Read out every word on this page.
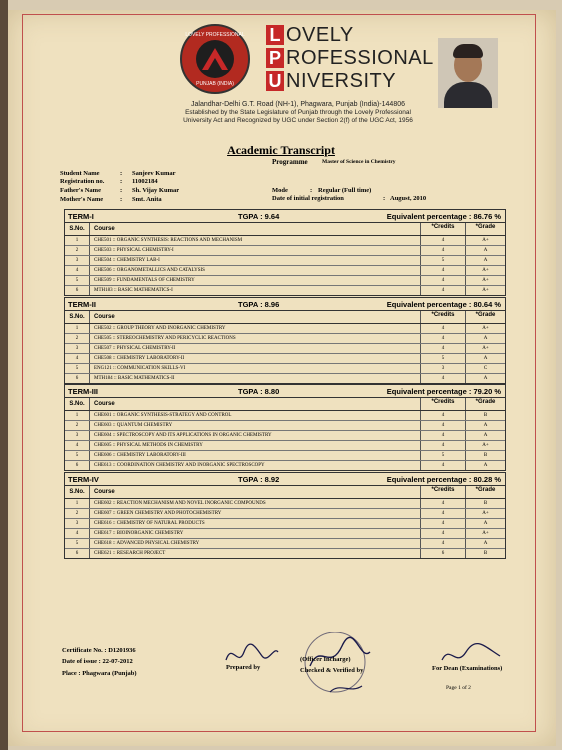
LOVELY PROFESSIONAL
PUNJAB (INDIA)
L OVELY
P ROFESSIONAL
U NIVERSITY
Jalandhar-Delhi G.T. Road (NH-1), Phagwara, Punjab (India)-144806
Established by the State Legislature of Punjab through the Lovely Professional University Act and Recognized by UGC under Section 2(f) of the UGC Act, 1956
Academic Transcript
Programme	Master of Science in Chemistry
Student Name	: Sanjeev Kumar
Registration no. : 11002184
Father's Name	: Sh. Vijay Kumar
Mother's Name	: Smt. Anita
Mode	: Regular (Full time)
Date of initial registration	: August, 2010
TERM-I	TGPA : 9.64	Equivalent percentage : 86.76 %
S.No.	Course	*Credits	*Grade
1	CHE501 :: ORGANIC SYNTHESIS: REACTIONS AND MECHANISM	4	A+
2	CHE503 :: PHYSICAL CHEMISTRY-I	4	A
3	CHE504 :: CHEMISTRY LAB-I	5	A
4	CHE506 :: ORGANOMETALLICS AND CATALYSIS	4	A+
5	CHE509 :: FUNDAMENTALS OF CHEMISTRY	4	A+
6	MTH183 :: BASIC MATHEMATICS-I	4	A+
TERM-II	TGPA : 8.96	Equivalent percentage : 80.64 %
S.No.	Course	*Credits	*Grade
1	CHE502 :: GROUP THEORY AND INORGANIC CHEMISTRY	4	A+
2	CHE505 :: STEREOCHEMISTRY AND PERICYCLIC REACTIONS	4	A
3	CHE507 :: PHYSICAL CHEMISTRY-II	4	A+
4	CHE508 :: CHEMISTRY LABORATORY-II	5	A
5	ENG121 :: COMMUNICATION SKILLS-VI	3	C
6	MTH184 :: BASIC MATHEMATICS-II	4	A
TERM-III	TGPA : 8.80	Equivalent percentage : 79.20 %
S.No.	Course	*Credits	*Grade
1	CHE601 :: ORGANIC SYNTHESIS-STRATEGY AND CONTROL	4	B
2	CHE603 :: QUANTUM CHEMISTRY	4	A
3	CHE604 :: SPECTROSCOPY AND ITS APPLICATIONS IN ORGANIC CHEMISTRY	4	A
4	CHE605 :: PHYSICAL METHODS IN CHEMISTRY	4	A+
5	CHE606 :: CHEMISTRY LABORATORY-III	5	B
6	CHE613 :: COORDINATION CHEMISTRY AND INORGANIC SPECTROSCOPY	4	A
TERM-IV	TGPA : 8.92	Equivalent percentage : 80.28 %
S.No.	Course	*Credits	*Grade
1	CHE602 :: REACTION MECHANISM AND NOVEL INORGANIC COMPOUNDS	4	B
2	CHE607 :: GREEN CHEMISTRY AND PHOTOCHEMISTRY	4	A+
3	CHE616 :: CHEMISTRY OF NATURAL PRODUCTS	4	A
4	CHE617 :: BIOINORGANIC CHEMISTRY	4	A+
5	CHE618 :: ADVANCED PHYSICAL CHEMISTRY	4	A
6	CHE621 :: RESEARCH PROJECT	6	B
Certificate No. : D1201936
Date of issue : 22-07-2012
Place : Phagwara (Punjab)
Prepared by
(Officer Incharge)
Checked & Verified by	For Dean (Examinations)
Page 1 of 2
